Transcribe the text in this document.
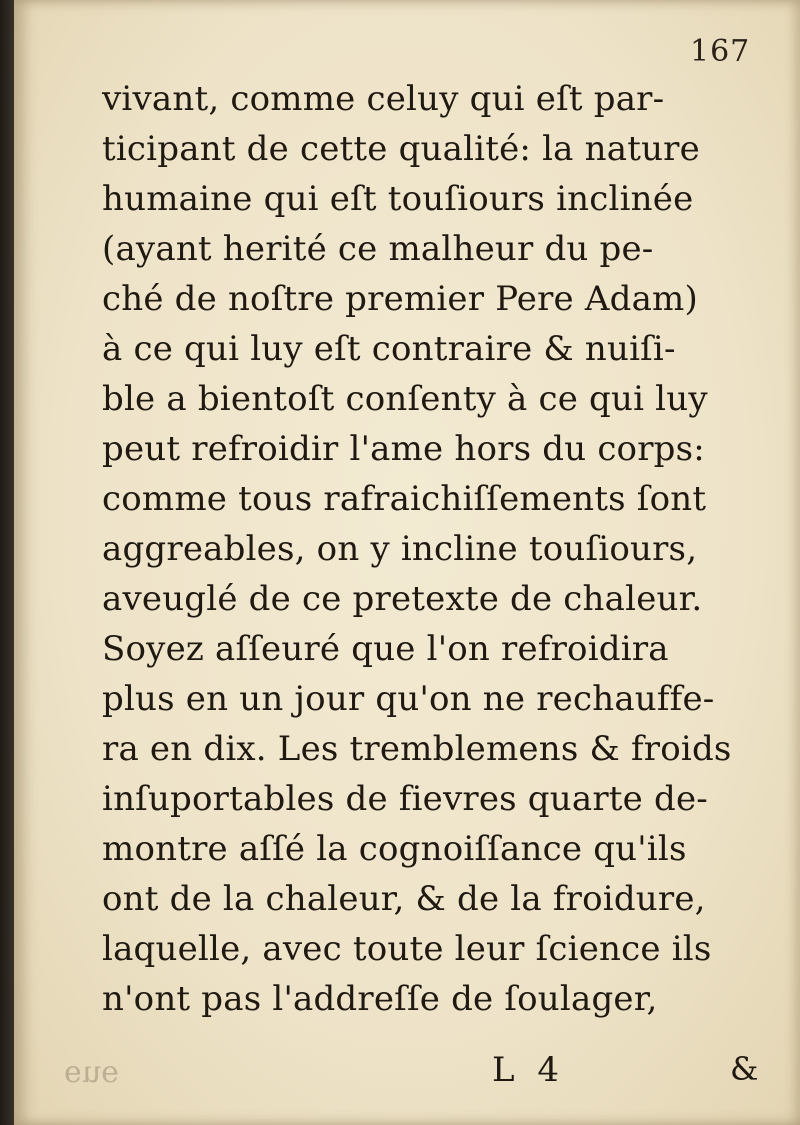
167
vivant, comme celuy qui eſt par-
ticipant de cette qualité: la nature
humaine qui eſt touſiours inclinée
(ayant herité ce malheur du pe-
ché de noſtre premier Pere Adam)
à ce qui luy eſt contraire & nuiſi-
ble a bientoſt conſenty à ce qui luy
peut refroidir l'ame hors du corps:
comme tous rafraichiſſements ſont
aggreables, on y incline touſiours,
aveuglé de ce pretexte de chaleur.
Soyez aſſeuré que l'on refroidira
plus en un jour qu'on ne rechauffe-
ra en dix. Les tremblemens & froids
inſuportables de fievres quarte de-
montre aſſé la cognoiſſance qu'ils
ont de la chaleur, & de la froidure,
laquelle, avec toute leur ſcience ils
n'ont pas l'addreſſe de ſoulager,
ɘuɘ	L 4	&
